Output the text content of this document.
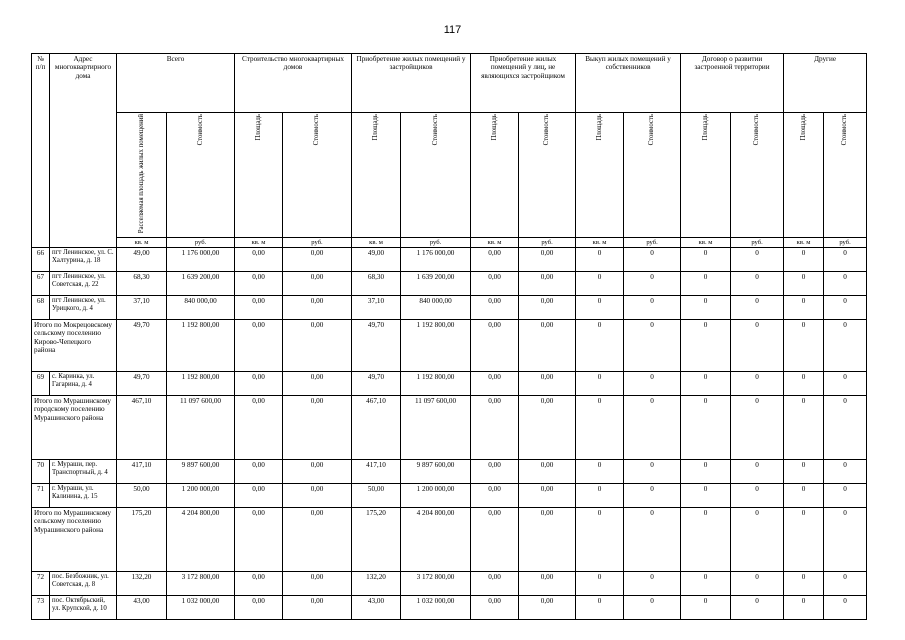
117
№ п/п	Адрес многоквартирного дома	Всего		Строительство многоквартирных домов		Приобретение жилых помещений у застройщиков		Приобретение жилых помещений у лиц, не являющихся застройщиком		Выкуп жилых помещений у собственников		Договор о развитии застроенной территории		Другие	
		Расселяемая площадь жилых помещений	Стоимость	Площадь	Стоимость	Площадь	Стоимость	Площадь	Стоимость	Площадь	Стоимость	Площадь	Стоимость	Площадь	Стоимость
		кв. м	руб.	кв. м	руб.	кв. м	руб.	кв. м	руб.	кв. м	руб.	кв. м	руб.	кв. м	руб.
66	пгт Ленинское, ул. С. Халтурина, д. 18	49,00	1 176 000,00	0,00	0,00	49,00	1 176 000,00	0,00	0,00	0	0	0	0	0	0
67	пгт Ленинское, ул. Советская, д. 22	68,30	1 639 200,00	0,00	0,00	68,30	1 639 200,00	0,00	0,00	0	0	0	0	0	0
68	пгт Ленинское, ул. Урицкого, д. 4	37,10	840 000,00	0,00	0,00	37,10	840 000,00	0,00	0,00	0	0	0	0	0	0
Итого по Мокрецовскому сельскому поселению Кирово-Чепецкого района		49,70	1 192 800,00	0,00	0,00	49,70	1 192 800,00	0,00	0,00	0	0	0	0	0	0
69	с. Каринка, ул. Гагарина, д. 4	49,70	1 192 800,00	0,00	0,00	49,70	1 192 800,00	0,00	0,00	0	0	0	0	0	0
Итого по Мурашинскому городскому поселению Мурашинского района		467,10	11 097 600,00	0,00	0,00	467,10	11 097 600,00	0,00	0,00	0	0	0	0	0	0
70	г. Мураши, пер. Транспортный, д. 4	417,10	9 897 600,00	0,00	0,00	417,10	9 897 600,00	0,00	0,00	0	0	0	0	0	0
71	г. Мураши, ул. Калинина, д. 15	50,00	1 200 000,00	0,00	0,00	50,00	1 200 000,00	0,00	0,00	0	0	0	0	0	0
Итого по Мурашинскому сельскому поселению Мурашинского района		175,20	4 204 800,00	0,00	0,00	175,20	4 204 800,00	0,00	0,00	0	0	0	0	0	0
72	пос. Безбожник, ул. Советская, д. 8	132,20	3 172 800,00	0,00	0,00	132,20	3 172 800,00	0,00	0,00	0	0	0	0	0	0
73	пос. Октябрьский, ул. Крупской, д. 10	43,00	1 032 000,00	0,00	0,00	43,00	1 032 000,00	0,00	0,00	0	0	0	0	0	0
